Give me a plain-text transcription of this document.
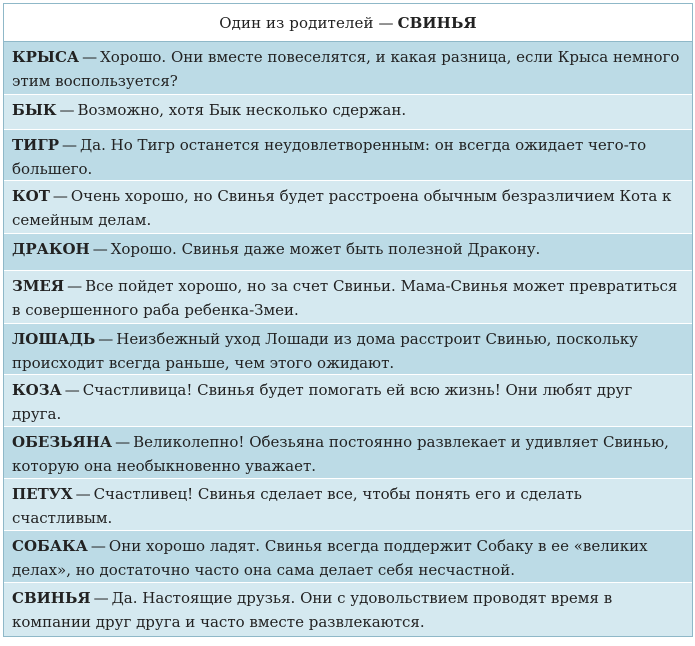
Один из родителей — СВИНЬЯ
КРЫСА — Хорошо. Они вместе повеселятся, и какая разница, если Крыса немного этим воспользуется?
БЫК — Возможно, хотя Бык несколько сдержан.
ТИГР — Да. Но Тигр останется неудовлетворенным: он всегда ожидает чего-то большего.
КОТ — Очень хорошо, но Свинья будет расстроена обычным безразличием Кота к семейным делам.
ДРАКОН — Хорошо. Свинья даже может быть полезной Дракону.
ЗМЕЯ — Все пойдет хорошо, но за счет Свиньи. Мама-Свинья может превратиться в совершенного раба ребенка-Змеи.
ЛОШАДЬ — Неизбежный уход Лошади из дома расстроит Свинью, поскольку происходит всегда раньше, чем этого ожидают.
КОЗА — Счастливица! Свинья будет помогать ей всю жизнь! Они любят друг друга.
ОБЕЗЬЯНА — Великолепно! Обезьяна постоянно развлекает и удивляет Свинью, которую она необыкновенно уважает.
ПЕТУХ — Счастливец! Свинья сделает все, чтобы понять его и сделать счастливым.
СОБАКА — Они хорошо ладят. Свинья всегда поддержит Собаку в ее «великих делах», но достаточно часто она сама делает себя несчастной.
СВИНЬЯ — Да. Настоящие друзья. Они с удовольствием проводят время в компании друг друга и часто вместе развлекаются.
